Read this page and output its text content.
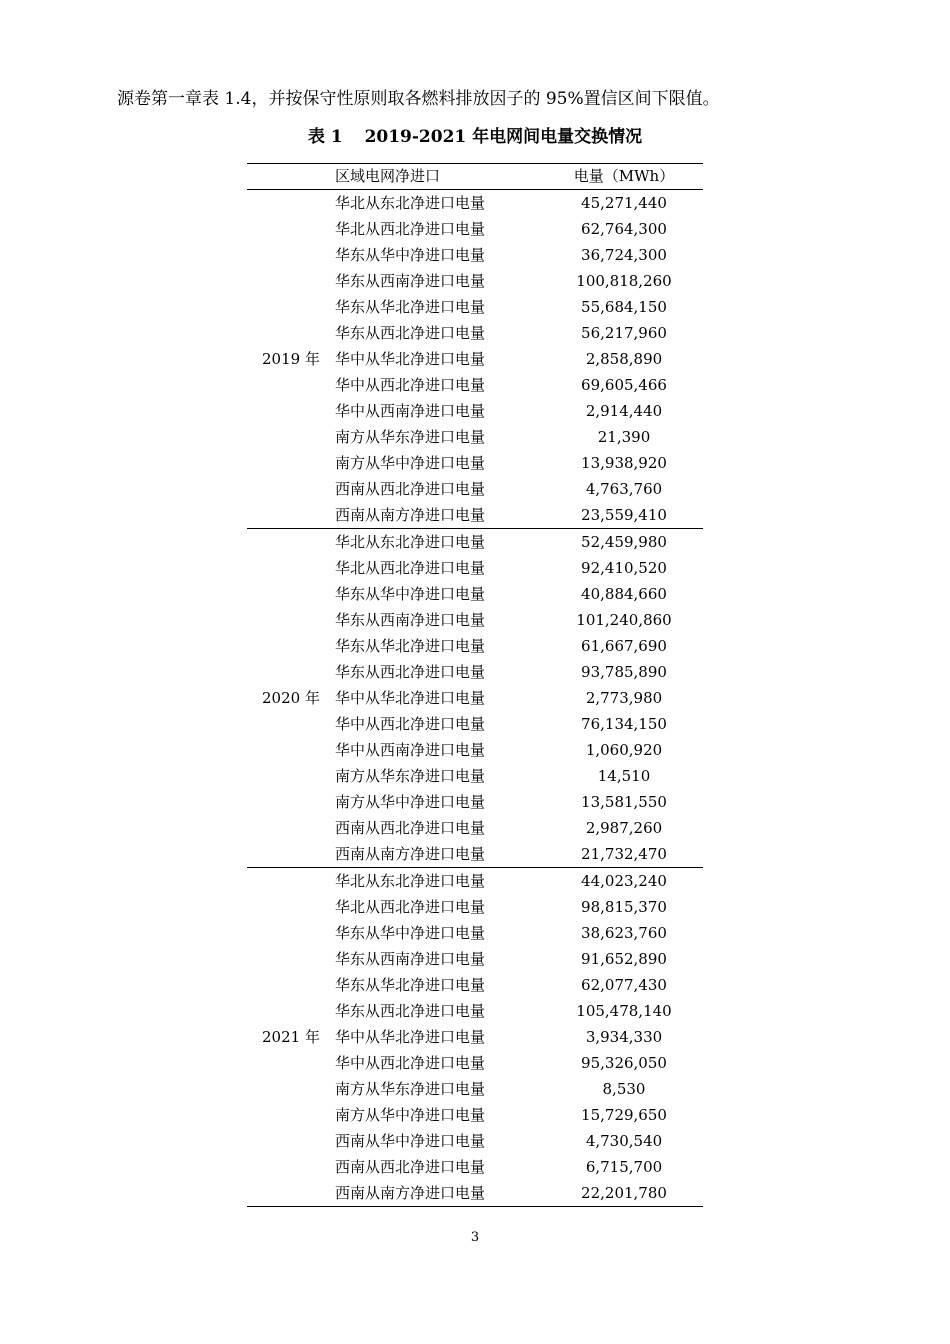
源卷第一章表 1.4，并按保守性原则取各燃料排放因子的 95%置信区间下限值。

表 1 2019-2021 年电网间电量交换情况
	区域电网净进口	电量（MWh）
2019 年	华北从东北净进口电量	45,271,440
	华北从西北净进口电量	62,764,300
	华东从华中净进口电量	36,724,300
	华东从西南净进口电量	100,818,260
	华东从华北净进口电量	55,684,150
	华东从西北净进口电量	56,217,960
	华中从华北净进口电量	2,858,890
	华中从西北净进口电量	69,605,466
	华中从西南净进口电量	2,914,440
	南方从华东净进口电量	21,390
	南方从华中净进口电量	13,938,920
	西南从西北净进口电量	4,763,760
	西南从南方净进口电量	23,559,410
2020 年	华北从东北净进口电量	52,459,980
	华北从西北净进口电量	92,410,520
	华东从华中净进口电量	40,884,660
	华东从西南净进口电量	101,240,860
	华东从华北净进口电量	61,667,690
	华东从西北净进口电量	93,785,890
	华中从华北净进口电量	2,773,980
	华中从西北净进口电量	76,134,150
	华中从西南净进口电量	1,060,920
	南方从华东净进口电量	14,510
	南方从华中净进口电量	13,581,550
	西南从西北净进口电量	2,987,260
	西南从南方净进口电量	21,732,470
2021 年	华北从东北净进口电量	44,023,240
	华北从西北净进口电量	98,815,370
	华东从华中净进口电量	38,623,760
	华东从西南净进口电量	91,652,890
	华东从华北净进口电量	62,077,430
	华东从西北净进口电量	105,478,140
	华中从华北净进口电量	3,934,330
	华中从西北净进口电量	95,326,050
	南方从华东净进口电量	8,530
	南方从华中净进口电量	15,729,650
	西南从华中净进口电量	4,730,540
	西南从西北净进口电量	6,715,700
	西南从南方净进口电量	22,201,780
3
